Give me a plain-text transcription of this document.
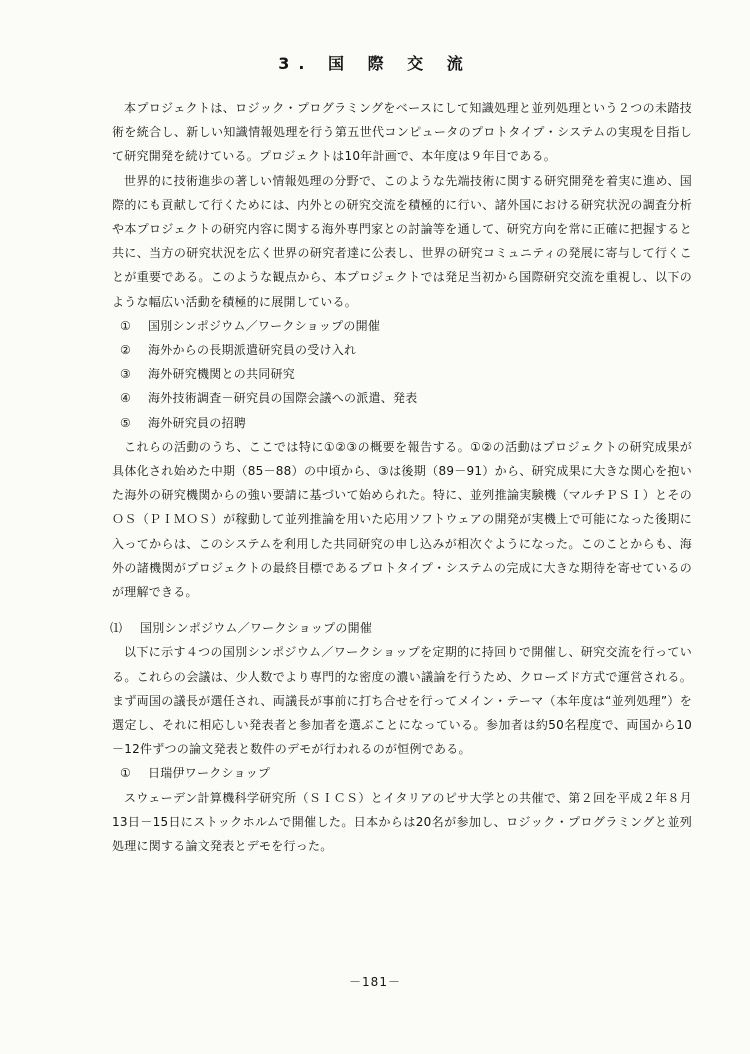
3. 国 際 交 流

本プロジェクトは、ロジック・プログラミングをベースにして知識処理と並列処理という２つの未踏技術を統合し、新しい知識情報処理を行う第五世代コンピュータのプロトタイプ・システムの実現を目指して研究開発を続けている。プロジェクトは10年計画で、本年度は９年目である。

世界的に技術進歩の著しい情報処理の分野で、このような先端技術に関する研究開発を着実に進め、国際的にも貢献して行くためには、内外との研究交流を積極的に行い、諸外国における研究状況の調査分析や本プロジェクトの研究内容に関する海外専門家との討論等を通して、研究方向を常に正確に把握すると共に、当方の研究状況を広く世界の研究者達に公表し、世界の研究コミュニティの発展に寄与して行くことが重要である。このような観点から、本プロジェクトでは発足当初から国際研究交流を重視し、以下のような幅広い活動を積極的に展開している。

① 国別シンポジウム／ワークショップの開催

② 海外からの長期派遣研究員の受け入れ

③ 海外研究機関との共同研究

④ 海外技術調査－研究員の国際会議への派遣、発表

⑤ 海外研究員の招聘

これらの活動のうち、ここでは特に①②③の概要を報告する。①②の活動はプロジェクトの研究成果が具体化され始めた中期（85－88）の中頃から、③は後期（89－91）から、研究成果に大きな関心を抱いた海外の研究機関からの強い要請に基づいて始められた。特に、並列推論実験機（マルチＰＳＩ）とそのＯＳ（ＰＩＭＯＳ）が稼動して並列推論を用いた応用ソフトウェアの開発が実機上で可能になった後期に入ってからは、このシステムを利用した共同研究の申し込みが相次ぐようになった。このことからも、海外の諸機関がプロジェクトの最終目標であるプロトタイプ・システムの完成に大きな期待を寄せているのが理解できる。

⑴ 国別シンポジウム／ワークショップの開催

以下に示す４つの国別シンポジウム／ワークショップを定期的に持回りで開催し、研究交流を行っている。これらの会議は、少人数でより専門的な密度の濃い議論を行うため、クローズド方式で運営される。まず両国の議長が選任され、両議長が事前に打ち合せを行ってメイン・テーマ（本年度は“並列処理”）を選定し、それに相応しい発表者と参加者を選ぶことになっている。参加者は約50名程度で、両国から10－12件ずつの論文発表と数件のデモが行われるのが恒例である。

① 日瑞伊ワークショップ

スウェーデン計算機科学研究所（ＳＩＣＳ）とイタリアのピサ大学との共催で、第２回を平成２年８月13日－15日にストックホルムで開催した。日本からは20名が参加し、ロジック・プログラミングと並列処理に関する論文発表とデモを行った。

－181－
